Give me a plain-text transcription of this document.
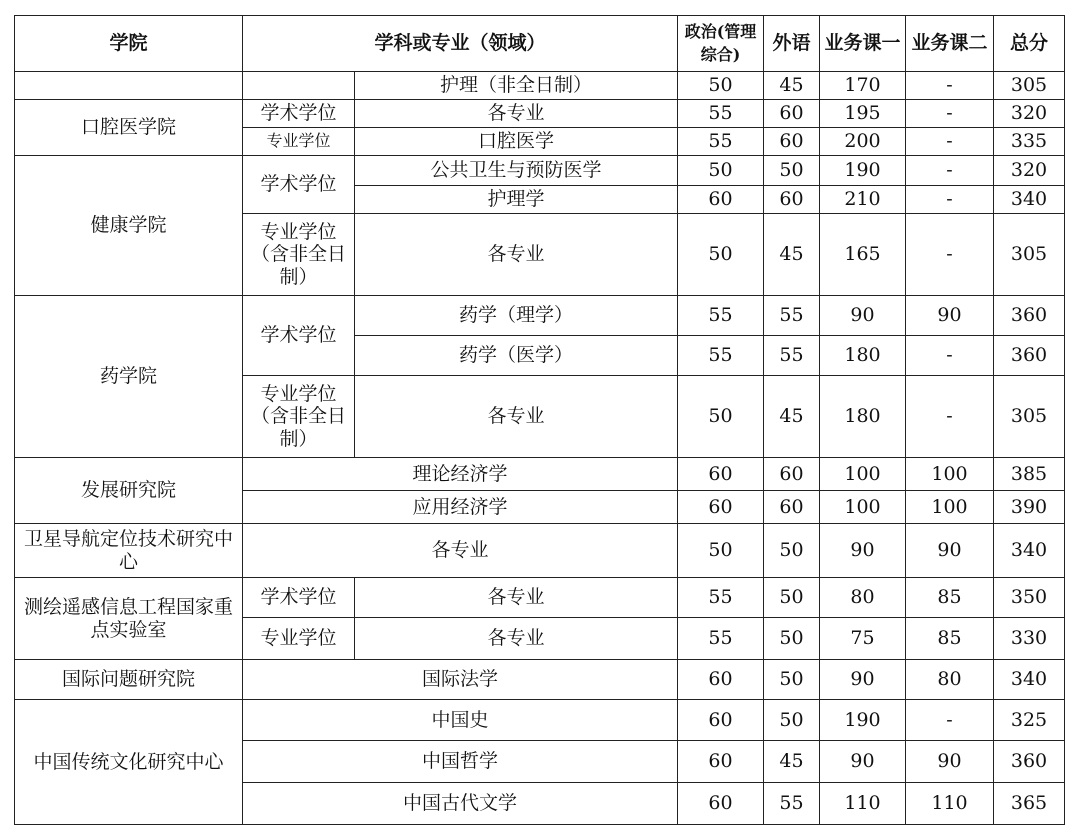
学院	学科或专业（领域）		政治(管理综合)	外语	业务课一	业务课二	总分
		护理（非全日制）	50	45	170	-	305
口腔医学院	学术学位	各专业	55	60	195	-	320
	专业学位	口腔医学	55	60	200	-	335
健康学院	学术学位	公共卫生与预防医学	50	50	190	-	320
		护理学	60	60	210	-	340
	专业学位（含非全日制）	各专业	50	45	165	-	305
药学院	学术学位	药学（理学）	55	55	90	90	360
		药学（医学）	55	55	180	-	360
	专业学位（含非全日制）	各专业	50	45	180	-	305
发展研究院	理论经济学		60	60	100	100	385
	应用经济学		60	60	100	100	390
卫星导航定位技术研究中心	各专业		50	50	90	90	340
测绘遥感信息工程国家重点实验室	学术学位	各专业	55	50	80	85	350
	专业学位	各专业	55	50	75	85	330
国际问题研究院	国际法学		60	50	90	80	340
中国传统文化研究中心	中国史		60	50	190	-	325
	中国哲学		60	45	90	90	360
	中国古代文学		60	55	110	110	365
